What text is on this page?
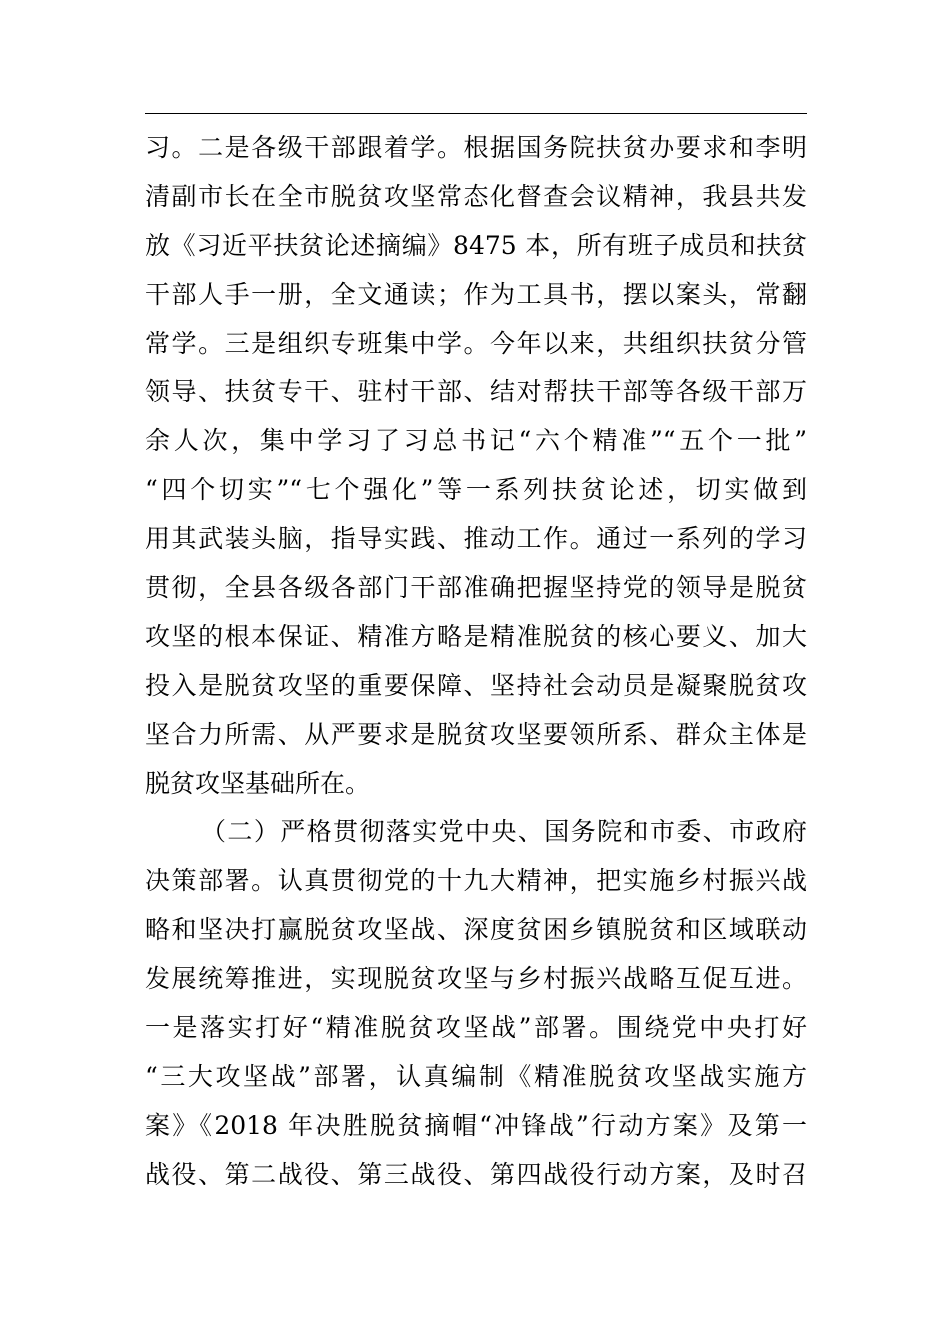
习。二是各级干部跟着学。根据国务院扶贫办要求和李明
清副市长在全市脱贫攻坚常态化督查会议精神，我县共发
放《习近平扶贫论述摘编》8475 本，所有班子成员和扶贫
干部人手一册，全文通读；作为工具书，摆以案头，常翻
常学。三是组织专班集中学。今年以来，共组织扶贫分管
领导、扶贫专干、驻村干部、结对帮扶干部等各级干部万
余人次，集中学习了习总书记“六个精准”“五个一批”
“四个切实”“七个强化”等一系列扶贫论述，切实做到
用其武装头脑，指导实践、推动工作。通过一系列的学习
贯彻，全县各级各部门干部准确把握坚持党的领导是脱贫
攻坚的根本保证、精准方略是精准脱贫的核心要义、加大
投入是脱贫攻坚的重要保障、坚持社会动员是凝聚脱贫攻
坚合力所需、从严要求是脱贫攻坚要领所系、群众主体是
脱贫攻坚基础所在。
（二）严格贯彻落实党中央、国务院和市委、市政府
决策部署。认真贯彻党的十九大精神，把实施乡村振兴战
略和坚决打赢脱贫攻坚战、深度贫困乡镇脱贫和区域联动
发展统筹推进，实现脱贫攻坚与乡村振兴战略互促互进。
一是落实打好“精准脱贫攻坚战”部署。围绕党中央打好
“三大攻坚战”部署，认真编制《精准脱贫攻坚战实施方
案》《2018 年决胜脱贫摘帽“冲锋战”行动方案》及第一
战役、第二战役、第三战役、第四战役行动方案，及时召
